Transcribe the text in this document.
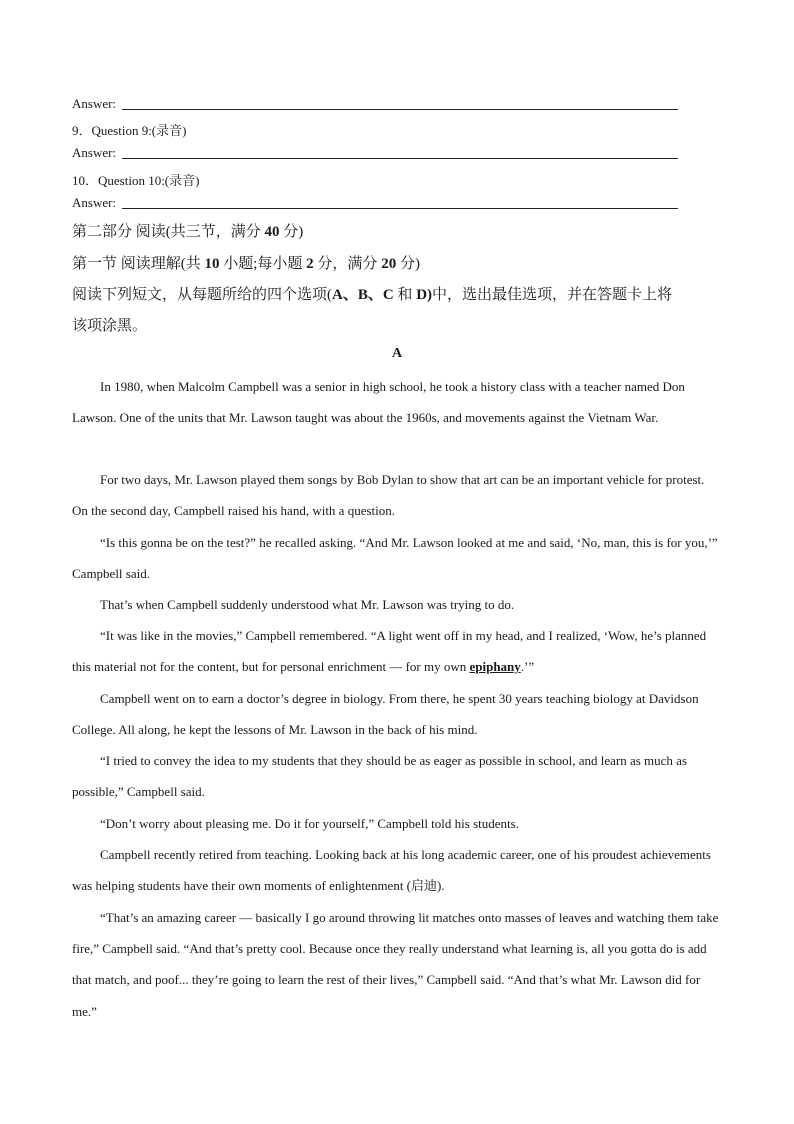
Answer:
9．Question 9:(录音)
Answer:
10．Question 10:(录音)
Answer:
第二部分 阅读(共三节，满分 40 分)
第一节 阅读理解(共 10 小题;每小题 2 分，满分 20 分)
阅读下列短文，从每题所给的四个选项(A、B、C 和 D)中，选出最佳选项，并在答题卡上将
该项涂黑。
A

In 1980, when Malcolm Campbell was a senior in high school, he took a history class with a teacher named Don Lawson. One of the units that Mr. Lawson taught was about the 1960s, and movements against the Vietnam War.

For two days, Mr. Lawson played them songs by Bob Dylan to show that art can be an important vehicle for protest. On the second day, Campbell raised his hand, with a question.

“Is this gonna be on the test?” he recalled asking. “And Mr. Lawson looked at me and said, ‘No, man, this is for you,’” Campbell said.

That’s when Campbell suddenly understood what Mr. Lawson was trying to do.

“It was like in the movies,” Campbell remembered. “A light went off in my head, and I realized, ‘Wow, he’s planned this material not for the content, but for personal enrichment — for my own epiphany.’”

Campbell went on to earn a doctor’s degree in biology. From there, he spent 30 years teaching biology at Davidson College. All along, he kept the lessons of Mr. Lawson in the back of his mind.

“I tried to convey the idea to my students that they should be as eager as possible in school, and learn as much as possible,” Campbell said.

“Don’t worry about pleasing me. Do it for yourself,” Campbell told his students.

Campbell recently retired from teaching. Looking back at his long academic career, one of his proudest achievements was helping students have their own moments of enlightenment (启迪).

“That’s an amazing career — basically I go around throwing lit matches onto masses of leaves and watching them take fire,” Campbell said. “And that’s pretty cool. Because once they really understand what learning is, all you gotta do is add that match, and poof... they’re going to learn the rest of their lives,” Campbell said. “And that’s what Mr. Lawson did for me.”
